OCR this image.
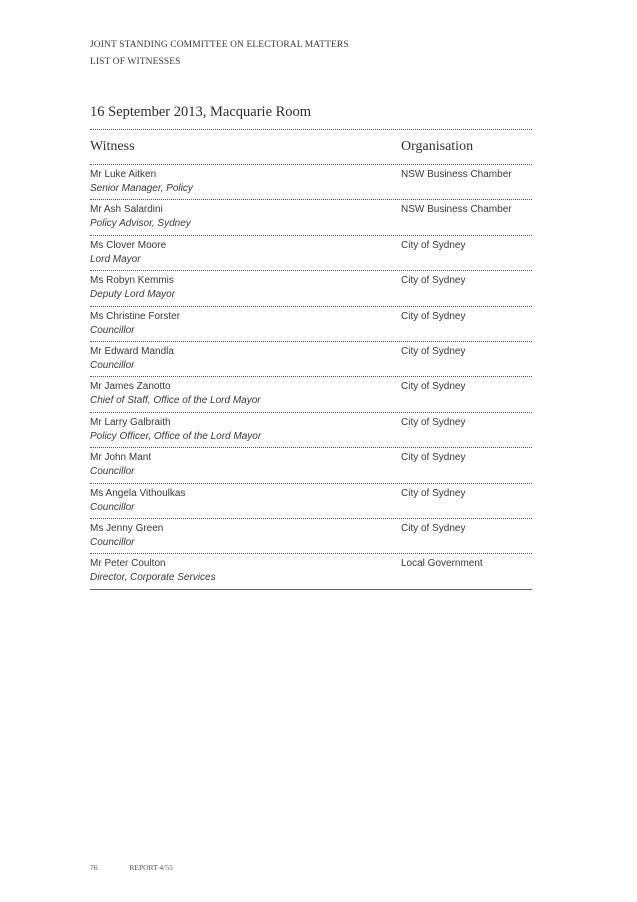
JOINT STANDING COMMITTEE ON ELECTORAL MATTERS
LIST OF WITNESSES
16 September 2013, Macquarie Room
Witness	Organisation
Mr Luke Aitken
Senior Manager, Policy
NSW Business Chamber
Mr Ash Salardini
Policy Advisor, Sydney
NSW Business Chamber
Ms Clover Moore
Lord Mayor
City of Sydney
Ms Robyn Kemmis
Deputy Lord Mayor
City of Sydney
Ms Christine Forster
Councillor
City of Sydney
Mr Edward Mandla
Councillor
City of Sydney
Mr James Zanotto
Chief of Staff, Office of the Lord Mayor
City of Sydney
Mr Larry Galbraith
Policy Officer, Office of the Lord Mayor
City of Sydney
Mr John Mant
Councillor
City of Sydney
Ms Angela Vithoulkas
Councillor
City of Sydney
Ms Jenny Green
Councillor
City of Sydney
Mr Peter Coulton
Director, Corporate Services
Local Government
76	REPORT 4/55
